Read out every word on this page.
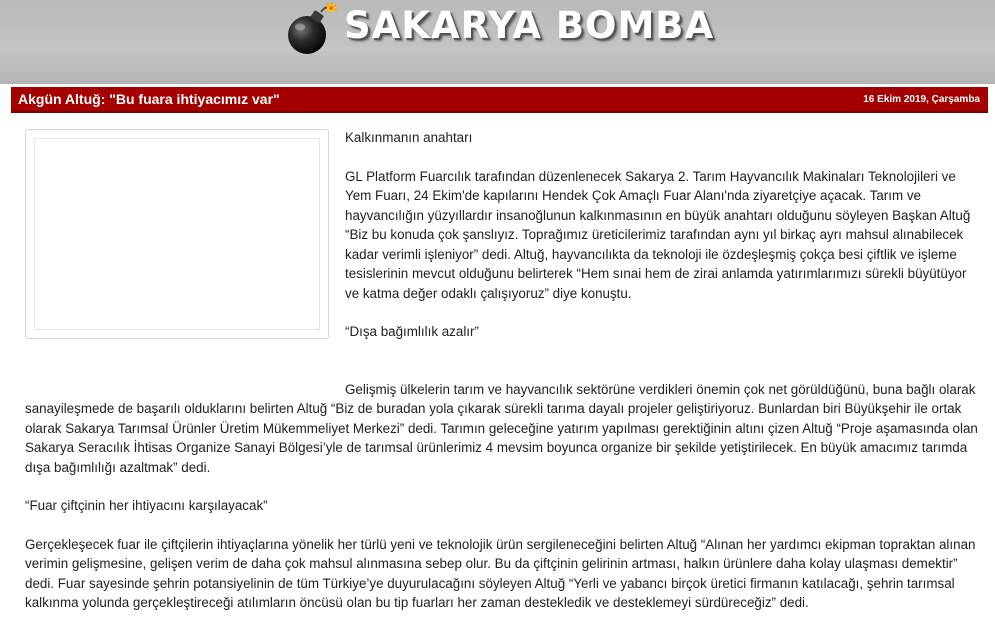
SAKARYA BOMBA
Akgün Altuğ: "Bu fuara ihtiyacımız var"	16 Ekim 2019, Çarşamba

Kalkınmanın anahtarı

GL Platform Fuarcılık tarafından düzenlenecek Sakarya 2. Tarım Hayvancılık Makinaları Teknolojileri ve Yem Fuarı, 24 Ekim'de kapılarını Hendek Çok Amaçlı Fuar Alanı'nda ziyaretçiye açacak. Tarım ve hayvancılığın yüzyıllardır insanoğlunun kalkınmasının en büyük anahtarı olduğunu söyleyen Başkan Altuğ “Biz bu konuda çok şanslıyız. Toprağımız üreticilerimiz tarafından aynı yıl birkaç ayrı mahsul alınabilecek kadar verimli işleniyor” dedi. Altuğ, hayvancılıkta da teknoloji ile özdeşleşmiş çokça besi çiftlik ve işleme tesislerinin mevcut olduğunu belirterek “Hem sınai hem de zirai anlamda yatırımlarımızı sürekli büyütüyor ve katma değer odaklı çalışıyoruz” diye konuştu.

“Dışa bağımlılık azalır”

Gelişmiş ülkelerin tarım ve hayvancılık sektörüne verdikleri önemin çok net görüldüğünü, buna bağlı olarak sanayileşmede de başarılı olduklarını belirten Altuğ “Biz de buradan yola çıkarak sürekli tarıma dayalı projeler geliştiriyoruz. Bunlardan biri Büyükşehir ile ortak olarak Sakarya Tarımsal Ürünler Üretim Mükemmeliyet Merkezi” dedi. Tarımın geleceğine yatırım yapılması gerektiğinin altını çizen Altuğ “Proje aşamasında olan Sakarya Seracılık İhtisas Organize Sanayi Bölgesi’yle de tarımsal ürünlerimiz 4 mevsim boyunca organize bir şekilde yetiştirilecek. En büyük amacımız tarımda dışa bağımlılığı azaltmak” dedi.

“Fuar çiftçinin her ihtiyacını karşılayacak”

Gerçekleşecek fuar ile çiftçilerin ihtiyaçlarına yönelik her türlü yeni ve teknolojik ürün sergileneceğini belirten Altuğ “Alınan her yardımcı ekipman topraktan alınan verimin gelişmesine, gelişen verim de daha çok mahsul alınmasına sebep olur. Bu da çiftçinin gelirinin artması, halkın ürünlere daha kolay ulaşması demektir” dedi. Fuar sayesinde şehrin potansiyelinin de tüm Türkiye’ye duyurulacağını söyleyen Altuğ “Yerli ve yabancı birçok üretici firmanın katılacağı, şehrin tarımsal kalkınma yolunda gerçekleştireceği atılımların öncüsü olan bu tip fuarları her zaman destekledik ve desteklemeyi sürdüreceğiz” dedi.
